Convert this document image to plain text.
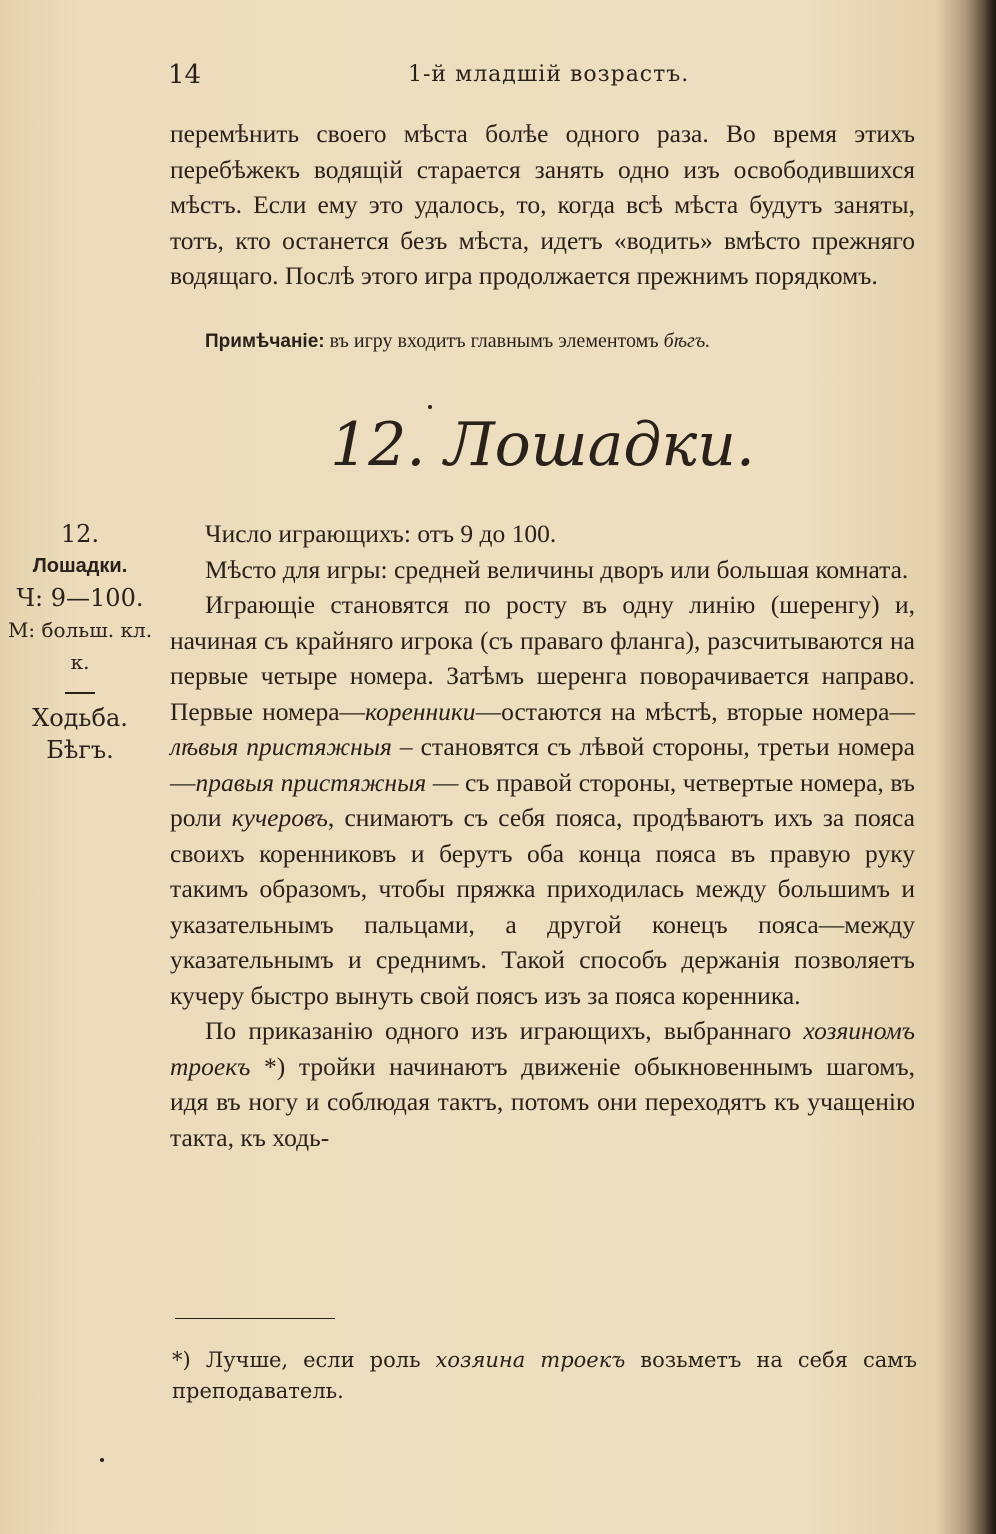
14	1-й младшій возрастъ.

перемѣнить своего мѣста болѣе одного раза. Во время этихъ перебѣжекъ водящій старается занять одно изъ освободившихся мѣстъ. Если ему это удалось, то, когда всѣ мѣста будутъ заняты, тотъ, кто останется безъ мѣста, идетъ «водить» вмѣсто прежняго водящаго. Послѣ этого игра продолжается прежнимъ порядкомъ.

Примѣчаніе: въ игру входитъ главнымъ элементомъ бѣгъ.
12. Лошадки.
12.
Лошадки.
Ч: 9—100.
М: больш. кл. к.
Ходьба.
Бѣгъ.

Число играющихъ: отъ 9 до 100.

Мѣсто для игры: средней величины дворъ или большая комната.

Играющіе становятся по росту въ одну линію (шеренгу) и, начиная съ крайняго игрока (съ праваго фланга), разсчитываются на первые четыре номера. Затѣмъ шеренга поворачивается направо. Первые номера—коренники—остаются на мѣстѣ, вторые номера—лѣвыя пристяжныя – становятся съ лѣвой стороны, третьи номера—правыя пристяжныя — съ правой стороны, четвертые номера, въ роли кучеровъ, снимаютъ съ себя пояса, продѣваютъ ихъ за пояса своихъ коренниковъ и берутъ оба конца пояса въ правую руку такимъ образомъ, чтобы пряжка приходилась между большимъ и указательнымъ пальцами, а другой конецъ пояса—между указательнымъ и среднимъ. Такой способъ держанія позволяетъ кучеру быстро вынуть свой поясъ изъ за пояса коренника.

По приказанію одного изъ играющихъ, выбраннаго хозяиномъ троекъ *) тройки начинаютъ движеніе обыкновеннымъ шагомъ, идя въ ногу и соблюдая тактъ, потомъ они переходятъ къ учащенію такта, къ ходь-

*) Лучше, если роль хозяина троекъ возьметъ на себя самъ преподаватель.
